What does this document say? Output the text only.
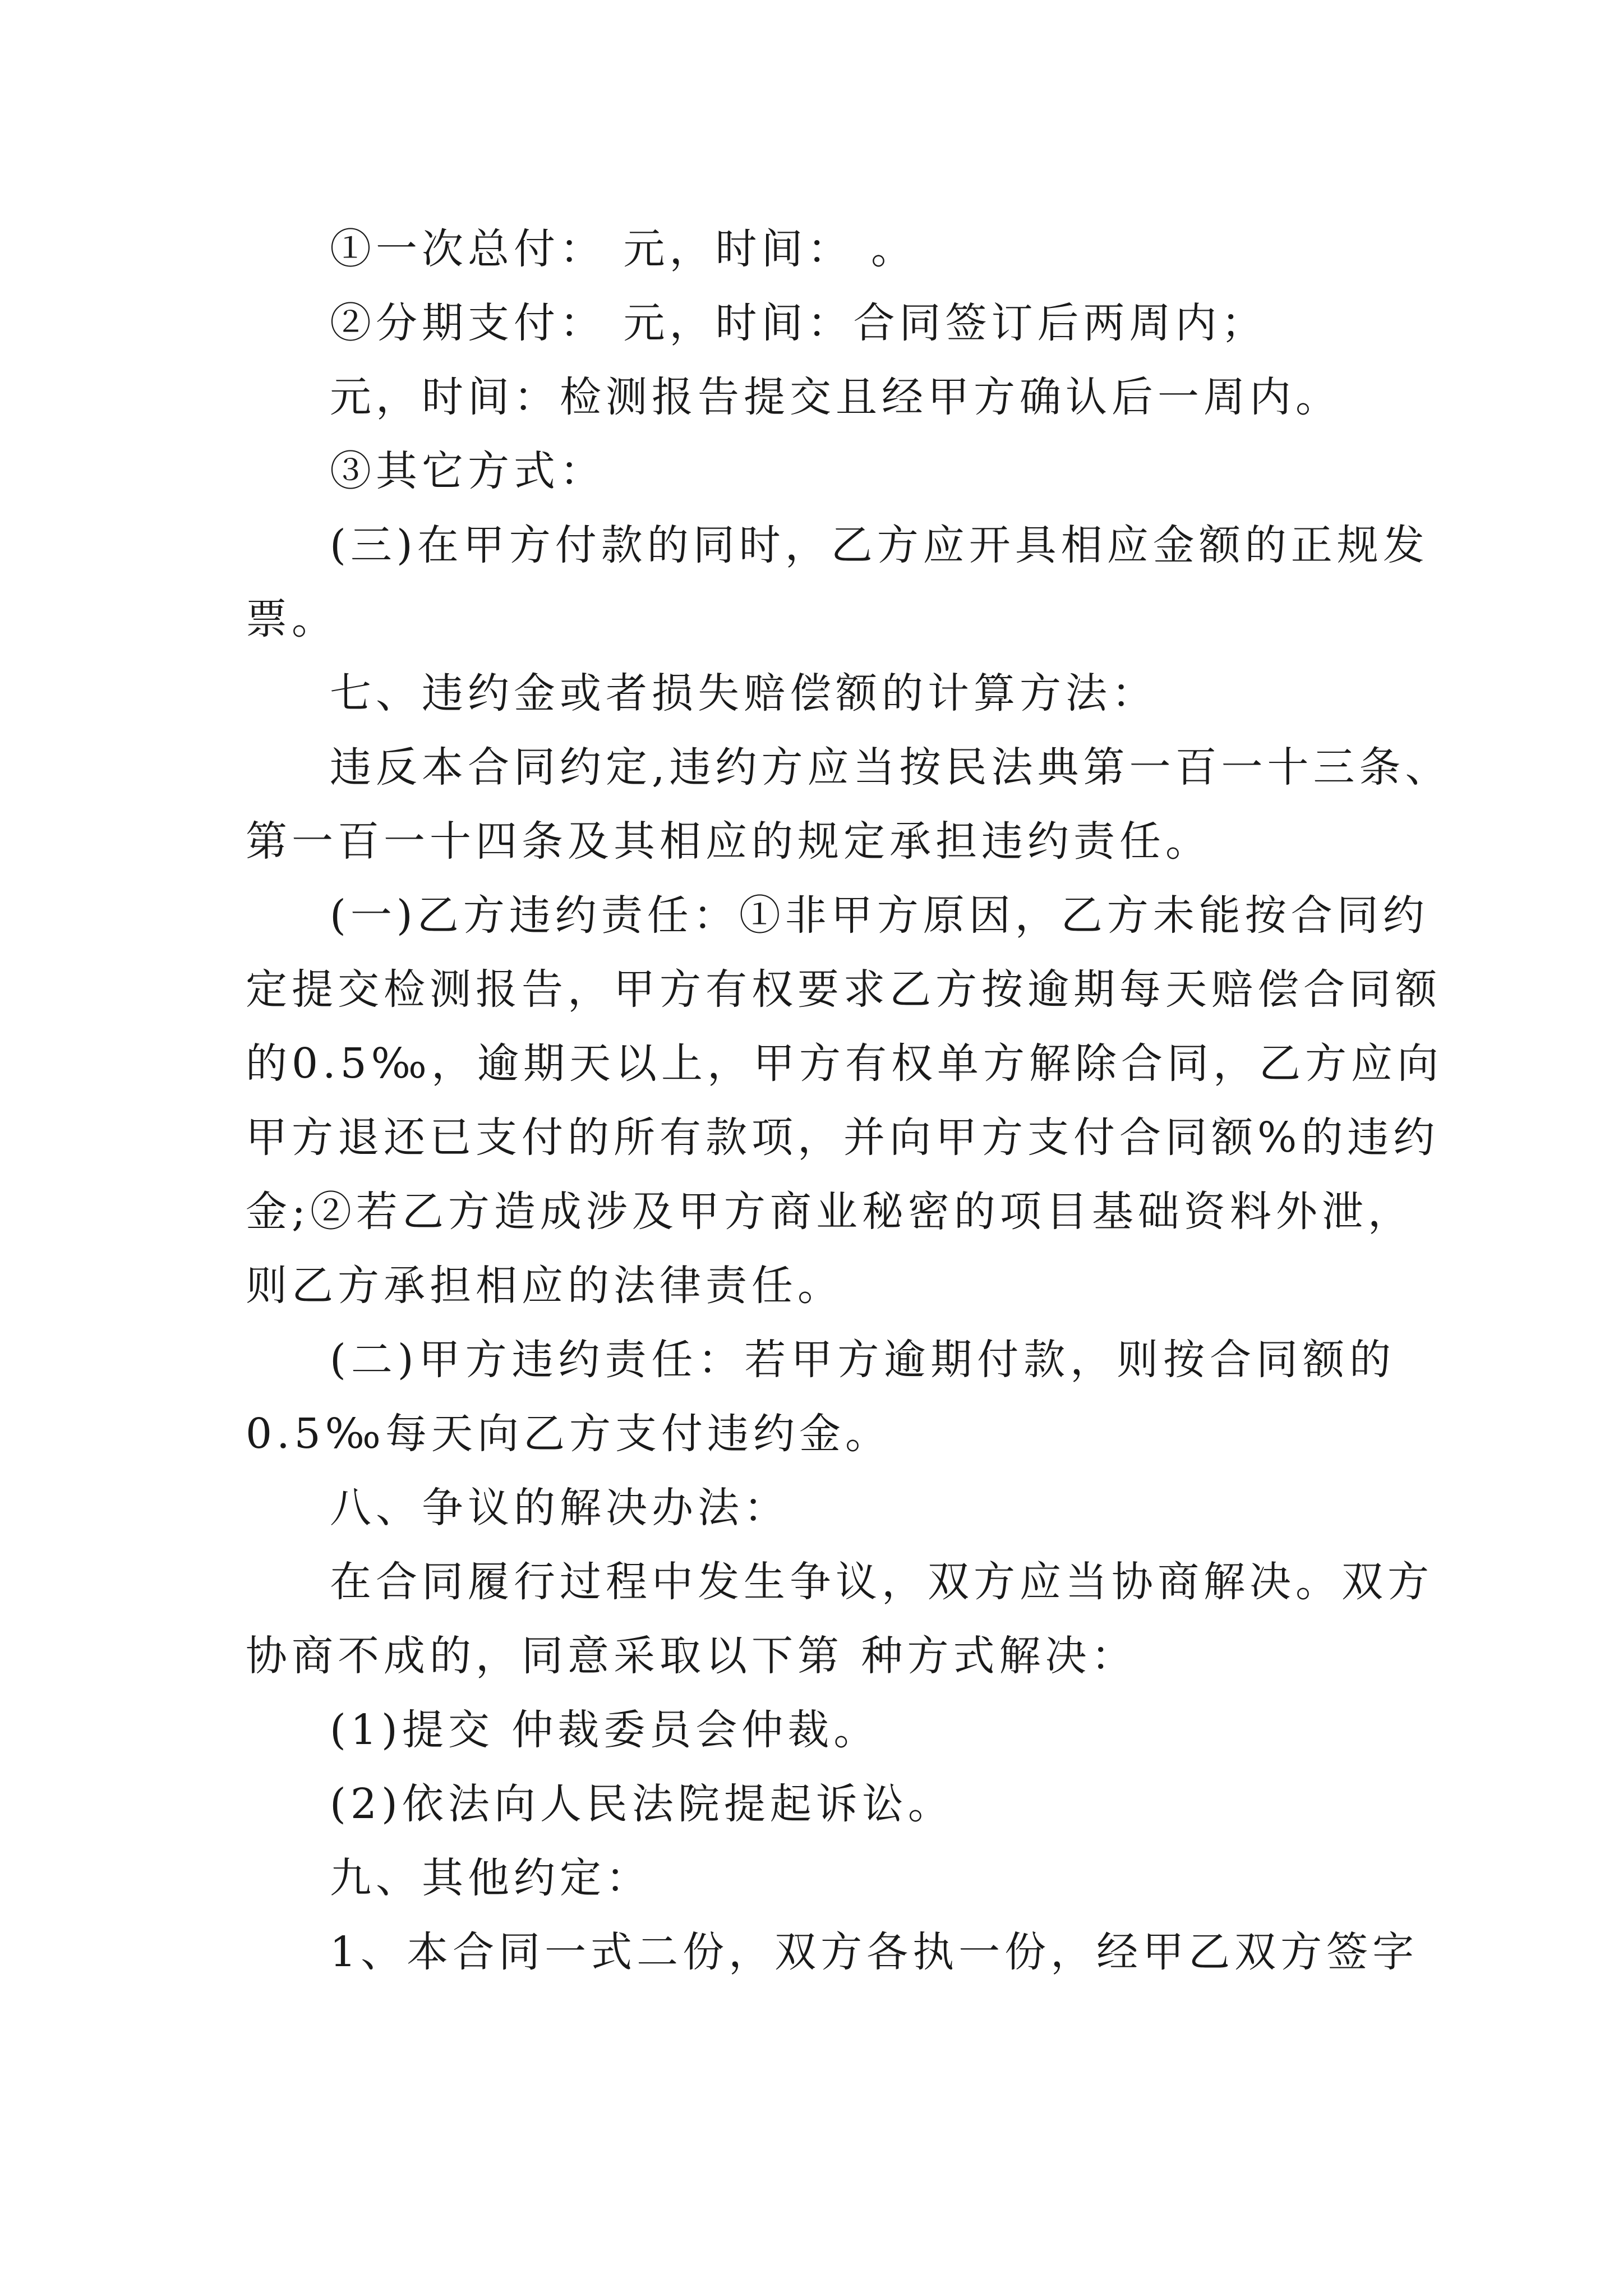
①一次总付： 元，时间： 。
②分期支付： 元，时间：合同签订后两周内；
元，时间：检测报告提交且经甲方确认后一周内。
③其它方式：
(三)在甲方付款的同时，乙方应开具相应金额的正规发
票。
七、违约金或者损失赔偿额的计算方法：
违反本合同约定,违约方应当按民法典第一百一十三条、
第一百一十四条及其相应的规定承担违约责任。
(一)乙方违约责任：①非甲方原因，乙方未能按合同约
定提交检测报告，甲方有权要求乙方按逾期每天赔偿合同额
的0.5‰，逾期天以上，甲方有权单方解除合同，乙方应向
甲方退还已支付的所有款项，并向甲方支付合同额%的违约
金;②若乙方造成涉及甲方商业秘密的项目基础资料外泄，
则乙方承担相应的法律责任。
(二)甲方违约责任：若甲方逾期付款，则按合同额的
0.5‰每天向乙方支付违约金。
八、争议的解决办法：
在合同履行过程中发生争议，双方应当协商解决。双方
协商不成的，同意采取以下第 种方式解决：
(1)提交 仲裁委员会仲裁。
(2)依法向人民法院提起诉讼。
九、其他约定：
1、本合同一式二份，双方各执一份，经甲乙双方签字
